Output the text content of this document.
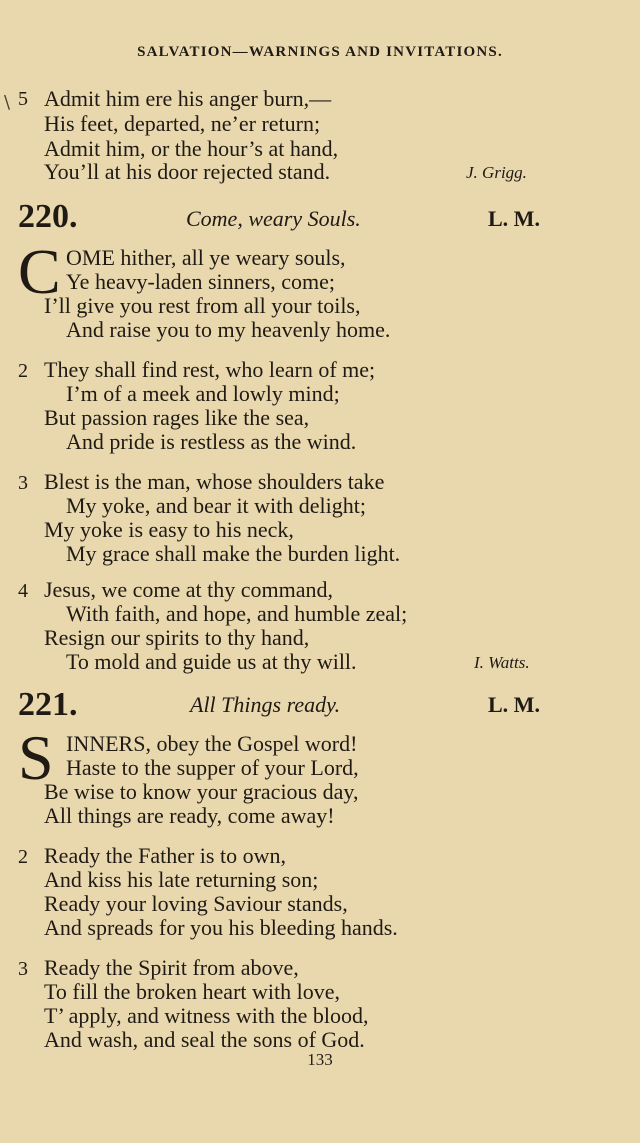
SALVATION—WARNINGS AND INVITATIONS.
\ 5 Admit him ere his anger burn,—
His feet, departed, ne’er return;
Admit him, or the hour’s at hand,
You’ll at his door rejected stand.	J. Grigg.
220.	Come, weary Souls.	L. M.
C OME hither, all ye weary souls,
Ye heavy-laden sinners, come;
I’ll give you rest from all your toils,
And raise you to my heavenly home.
2 They shall find rest, who learn of me;
I’m of a meek and lowly mind;
But passion rages like the sea,
And pride is restless as the wind.
3 Blest is the man, whose shoulders take
My yoke, and bear it with delight;
My yoke is easy to his neck,
My grace shall make the burden light.
4 Jesus, we come at thy command,
With faith, and hope, and humble zeal;
Resign our spirits to thy hand,
To mold and guide us at thy will.	I. Watts.
221.	All Things ready.	L. M.
S INNERS, obey the Gospel word!
Haste to the supper of your Lord,
Be wise to know your gracious day,
All things are ready, come away!
2 Ready the Father is to own,
And kiss his late returning son;
Ready your loving Saviour stands,
And spreads for you his bleeding hands.
3 Ready the Spirit from above,
To fill the broken heart with love,
T’ apply, and witness with the blood,
And wash, and seal the sons of God.
133
